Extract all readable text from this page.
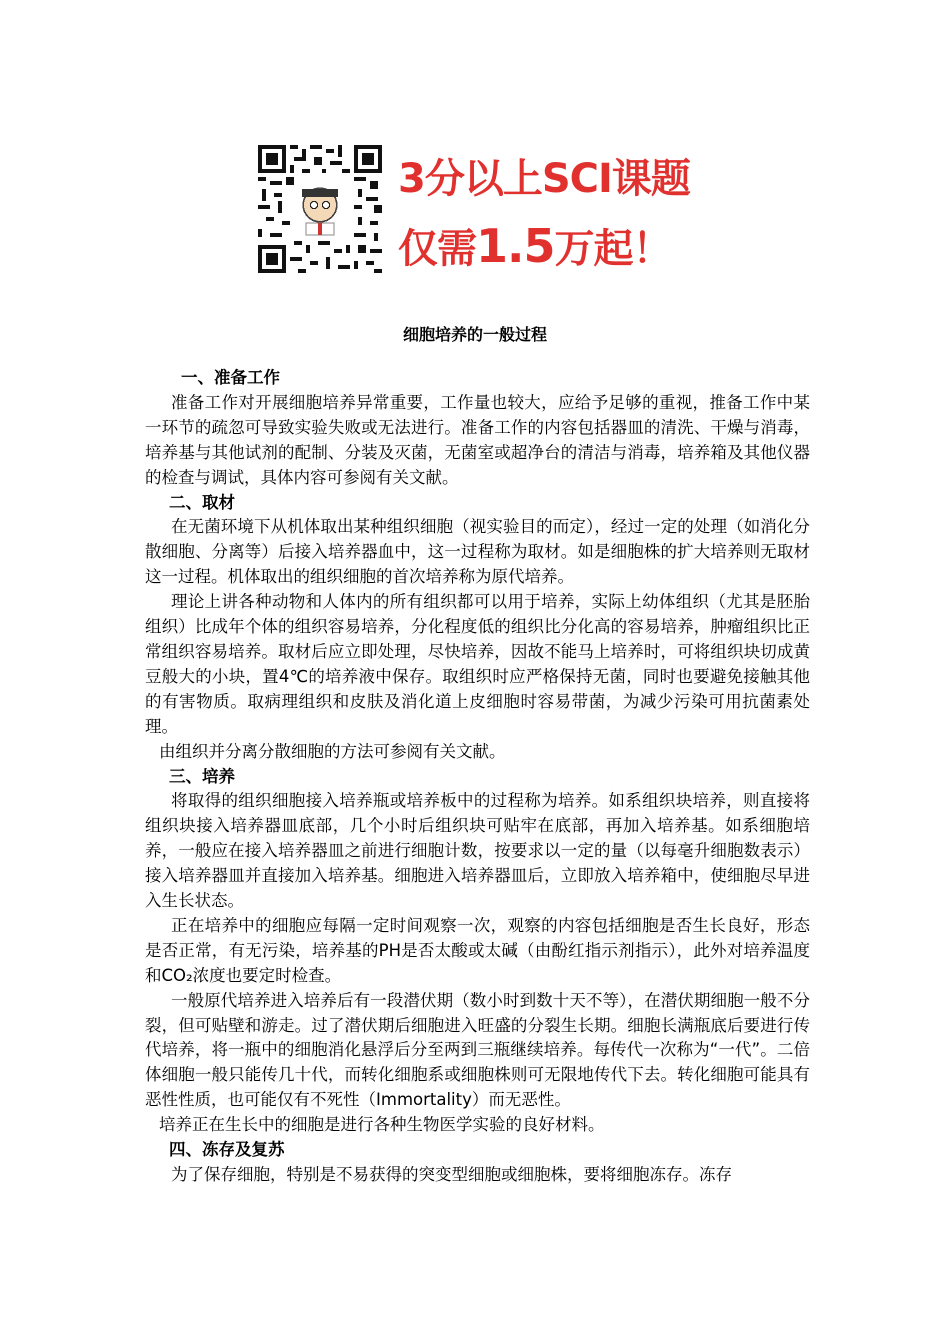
3分以上SCI课题
仅需1.5万起！
细胞培养的一般过程

一、准备工作

准备工作对开展细胞培养异常重要，工作量也较大，应给予足够的重视，推备工作中某一环节的疏忽可导致实验失败或无法进行。准备工作的内容包括器皿的清洗、干燥与消毒，培养基与其他试剂的配制、分装及灭菌，无菌室或超净台的清洁与消毒，培养箱及其他仪器的检查与调试，具体内容可参阅有关文献。

二、取材

在无菌环境下从机体取出某种组织细胞（视实验目的而定），经过一定的处理（如消化分散细胞、分离等）后接入培养器血中，这一过程称为取材。如是细胞株的扩大培养则无取材这一过程。机体取出的组织细胞的首次培养称为原代培养。

理论上讲各种动物和人体内的所有组织都可以用于培养，实际上幼体组织（尤其是胚胎组织）比成年个体的组织容易培养，分化程度低的组织比分化高的容易培养，肿瘤组织比正常组织容易培养。取材后应立即处理，尽快培养，因故不能马上培养时，可将组织块切成黄豆般大的小块，置4℃的培养液中保存。取组织时应严格保持无菌，同时也要避免接触其他的有害物质。取病理组织和皮肤及消化道上皮细胞时容易带菌，为减少污染可用抗菌素处理。

由组织并分离分散细胞的方法可参阅有关文献。

三、培养

将取得的组织细胞接入培养瓶或培养板中的过程称为培养。如系组织块培养，则直接将组织块接入培养器皿底部，几个小时后组织块可贴牢在底部，再加入培养基。如系细胞培养，一般应在接入培养器皿之前进行细胞计数，按要求以一定的量（以每毫升细胞数表示）接入培养器皿并直接加入培养基。细胞进入培养器皿后，立即放入培养箱中，使细胞尽早进入生长状态。

正在培养中的细胞应每隔一定时间观察一次，观察的内容包括细胞是否生长良好，形态是否正常，有无污染，培养基的PH是否太酸或太碱（由酚红指示剂指示），此外对培养温度和CO₂浓度也要定时检查。

一般原代培养进入培养后有一段潜伏期（数小时到数十天不等），在潜伏期细胞一般不分裂，但可贴壁和游走。过了潜伏期后细胞进入旺盛的分裂生长期。细胞长满瓶底后要进行传代培养，将一瓶中的细胞消化悬浮后分至两到三瓶继续培养。每传代一次称为“一代”。二倍体细胞一般只能传几十代，而转化细胞系或细胞株则可无限地传代下去。转化细胞可能具有恶性性质，也可能仅有不死性（Immortality）而无恶性。

培养正在生长中的细胞是进行各种生物医学实验的良好材料。

四、冻存及复苏

为了保存细胞，特别是不易获得的突变型细胞或细胞株，要将细胞冻存。冻存
